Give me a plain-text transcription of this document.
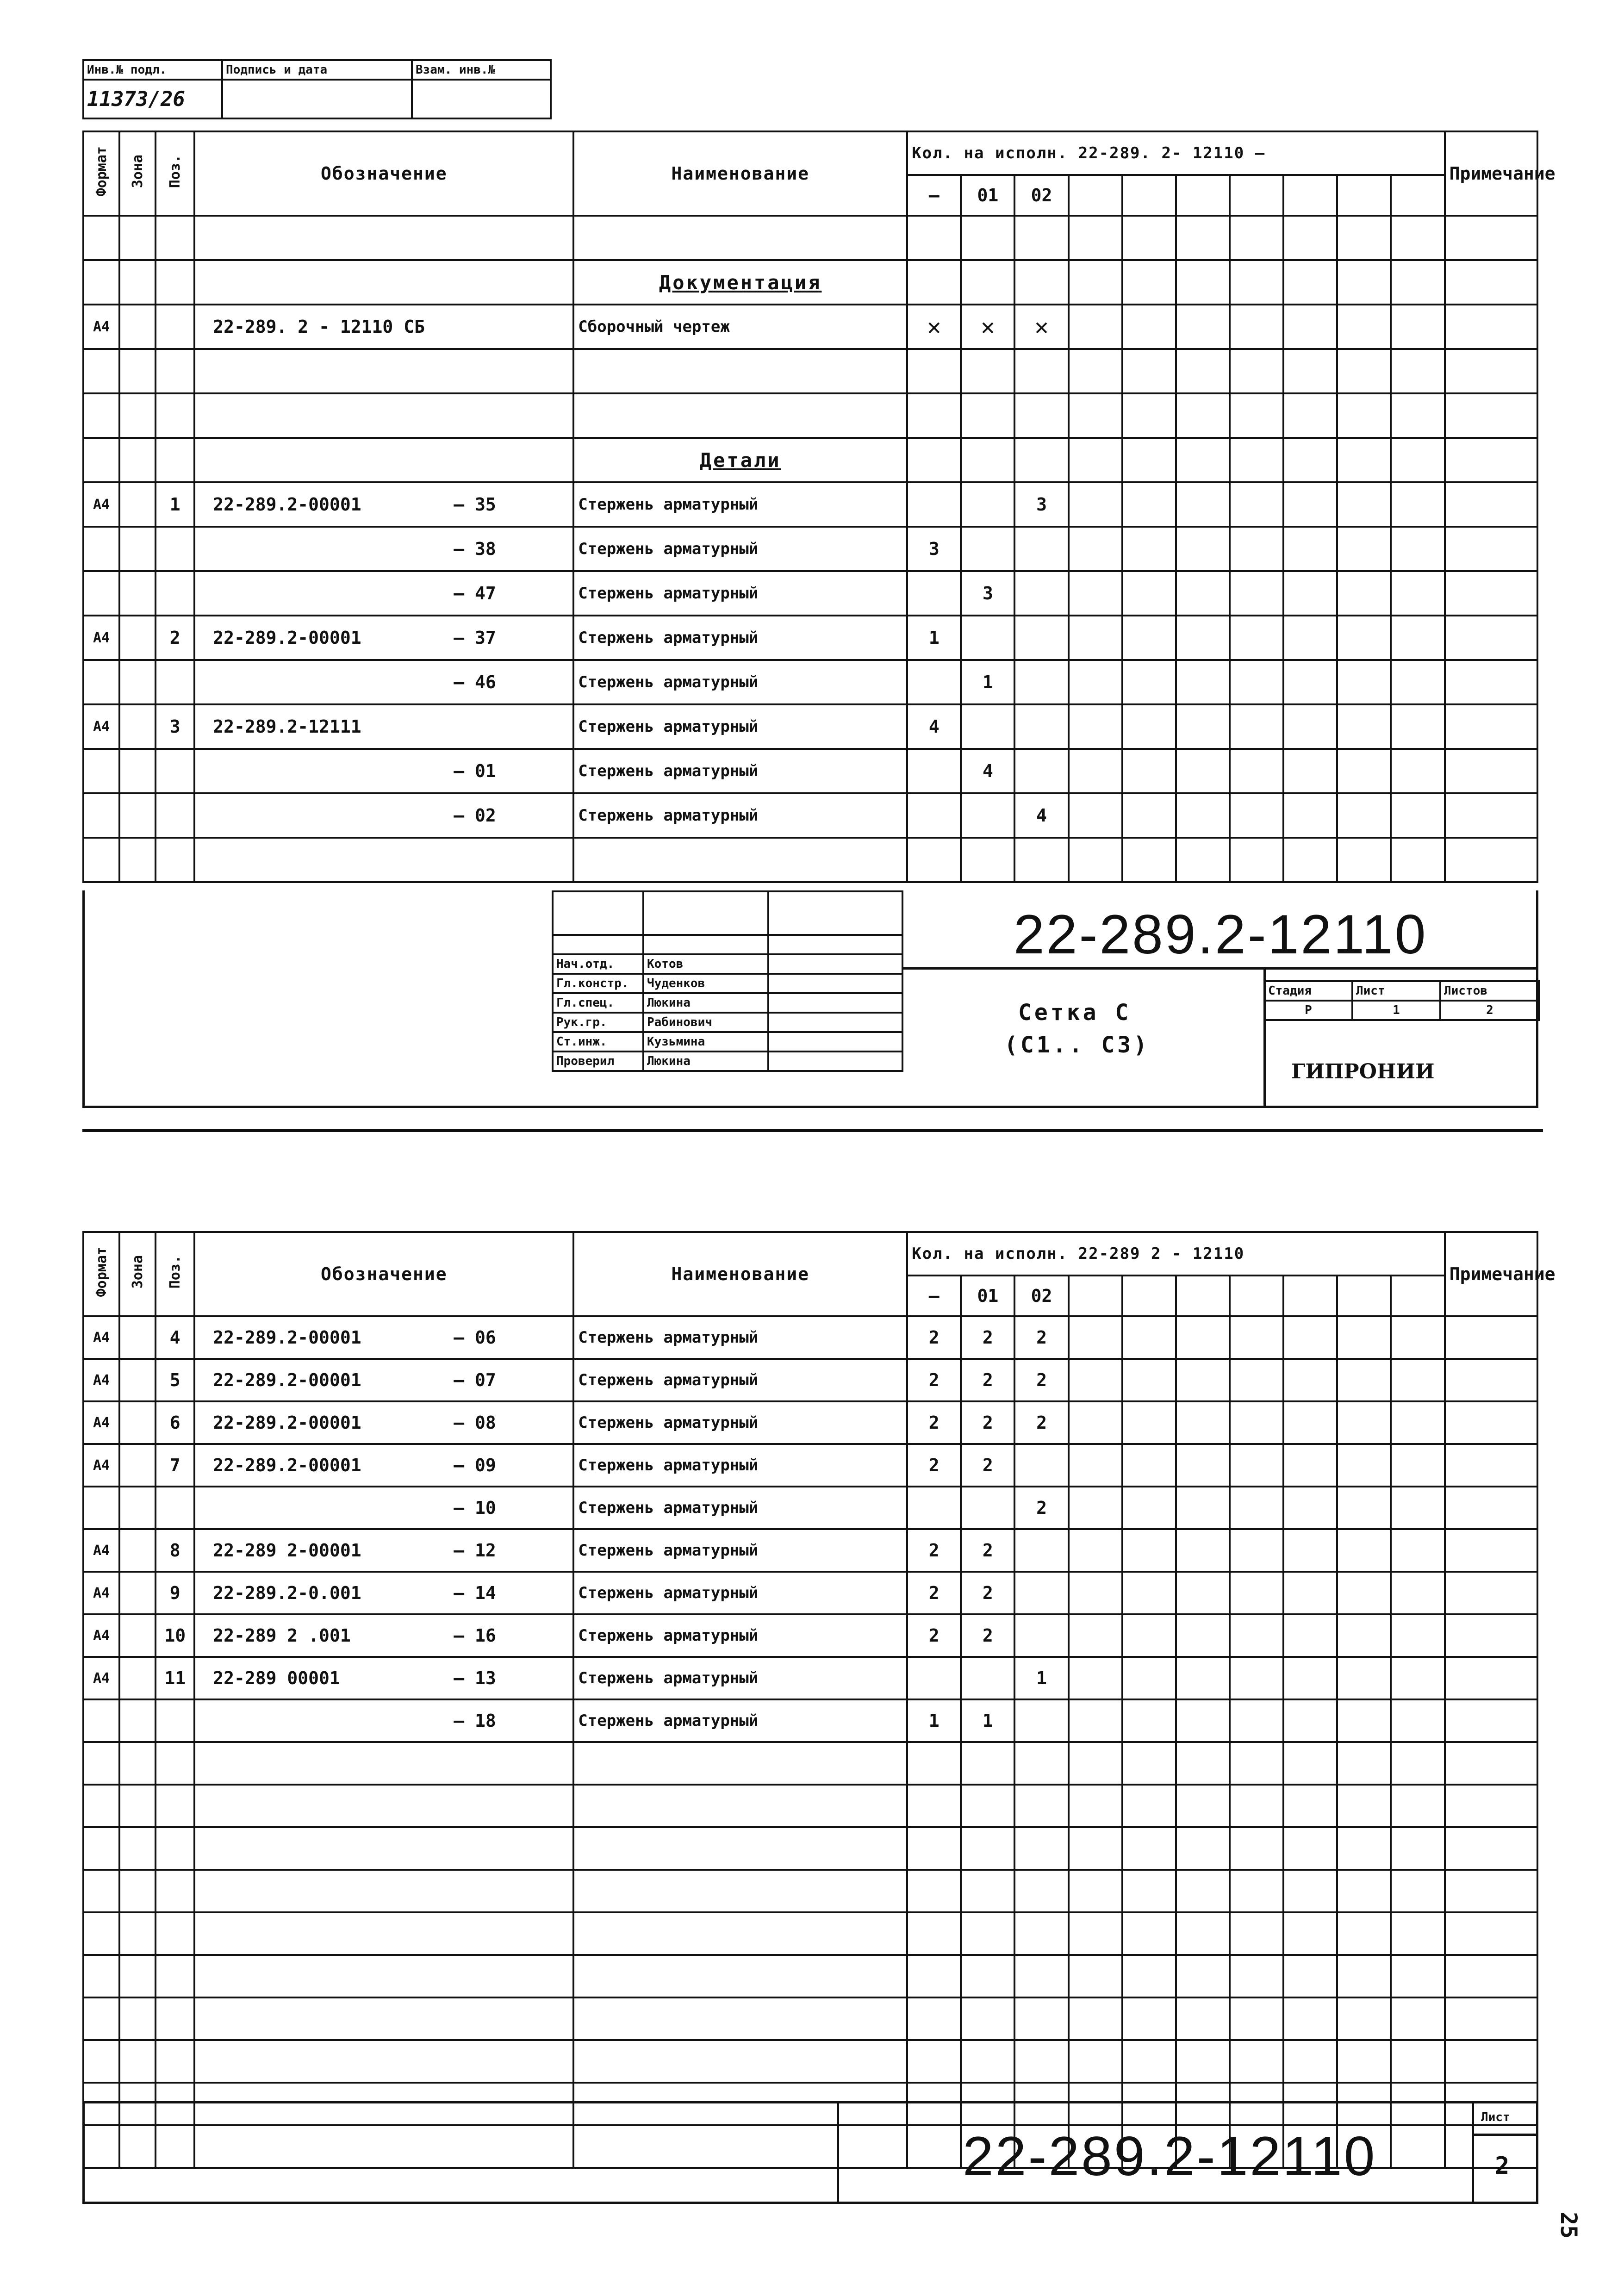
Инв.№ подл.	Подпись и дата	Взам. инв.№
11373/26		
Формат	Зона	Поз.	Обозначение	Наименование	Кол. на исполн. 22-289. 2- 12110 —										Примечание
					—	01	02								

				Документация											
А4			22-289. 2 - 12110 СБ	Сборочный чертеж	✕	✕	✕								

				Детали											
А4		1	22-289.2-00001 — 35	Стержень арматурный			3								
			— 38	Стержень арматурный	3										
			— 47	Стержень арматурный		3									
А4		2	22-289.2-00001 — 37	Стержень арматурный	1										
			— 46	Стержень арматурный		1									
А4		3	22-289.2-12111	Стержень арматурный	4										
			— 01	Стержень арматурный		4									
			— 02	Стержень арматурный			4								

Нач.отд.	Котов	
Гл.констр.	Чуденков	
Гл.спец.	Люкина	
Рук.гр.	Рабинович	
Ст.инж.	Кузьмина	
Проверил	Люкина	
22-289.2-12110
Сетка С
(С1.. С3)
Стадия	Лист	Листов
Р	1	2
ГИПРОНИИ
Формат	Зона	Поз.	Обозначение	Наименование	Кол. на исполн. 22-289 2 - 12110										Примечание
					—	01	02								
А4		4	22-289.2-00001 — 06	Стержень арматурный	2	2	2								
А4		5	22-289.2-00001 — 07	Стержень арматурный	2	2	2								
А4		6	22-289.2-00001 — 08	Стержень арматурный	2	2	2								
А4		7	22-289.2-00001 — 09	Стержень арматурный	2	2									
			— 10	Стержень арматурный			2								
А4		8	22-289 2-00001 — 12	Стержень арматурный	2	2									
А4		9	22-289.2-0.001 — 14	Стержень арматурный	2	2									
А4		10	22-289 2 .001 — 16	Стержень арматурный	2	2									
А4		11	22-289 00001 — 13	Стержень арматурный			1								
			— 18	Стержень арматурный	1	1									

22-289.2-12110
Лист
2
25
